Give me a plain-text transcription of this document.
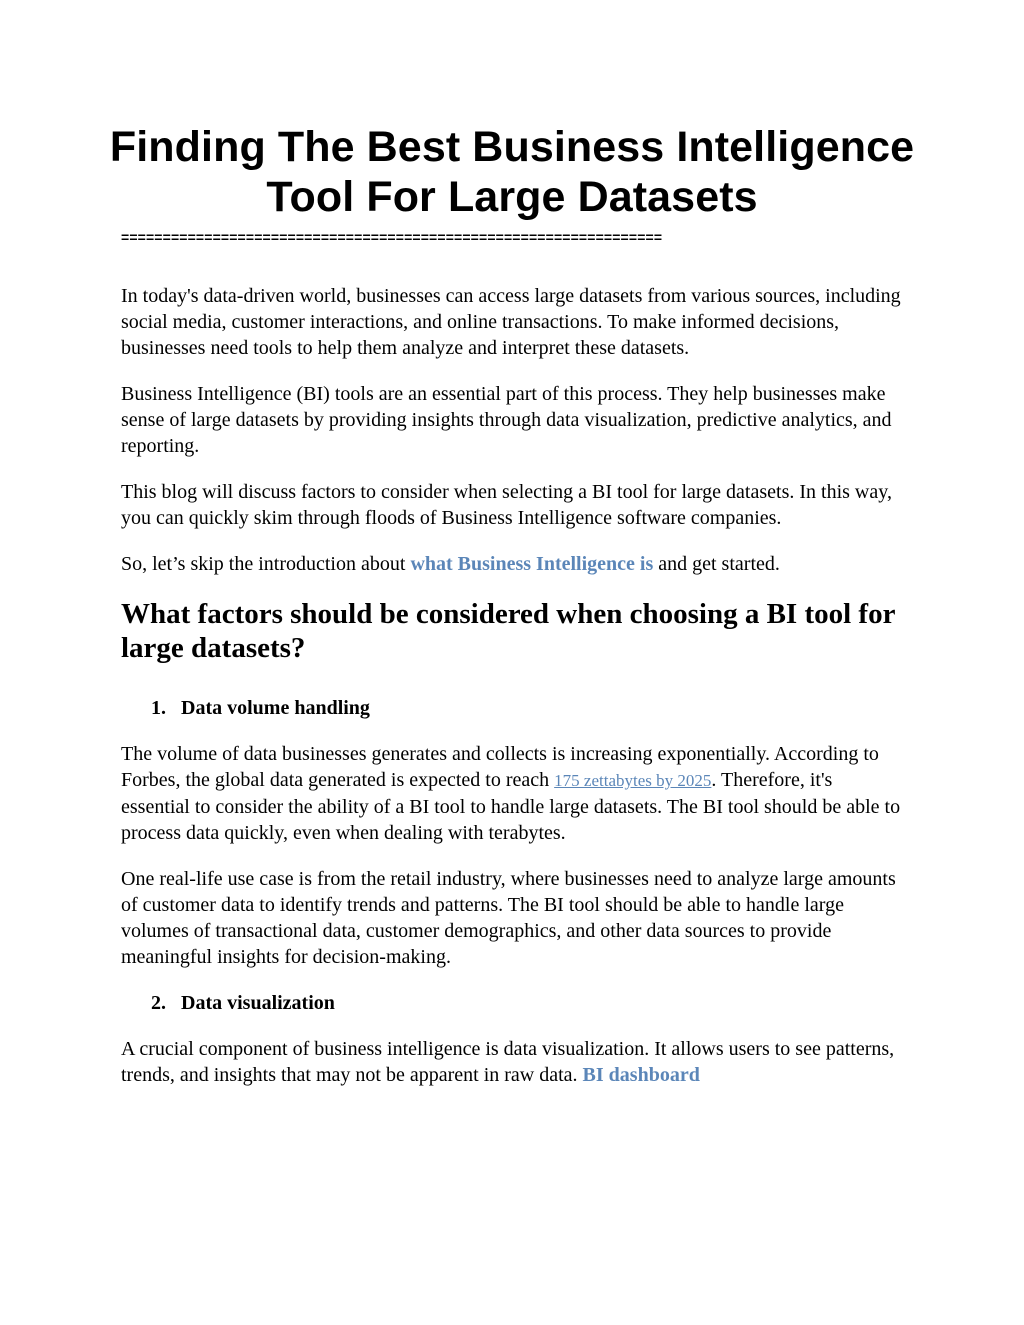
Finding The Best Business Intelligence Tool For Large Datasets
=================================================================

In today's data-driven world, businesses can access large datasets from various sources, including social media, customer interactions, and online transactions. To make informed decisions, businesses need tools to help them analyze and interpret these datasets.

Business Intelligence (BI) tools are an essential part of this process. They help businesses make sense of large datasets by providing insights through data visualization, predictive analytics, and reporting.

This blog will discuss factors to consider when selecting a BI tool for large datasets. In this way, you can quickly skim through floods of Business Intelligence software companies.

So, let’s skip the introduction about what Business Intelligence is and get started.

What factors should be considered when choosing a BI tool for large datasets?
1. Data volume handling

The volume of data businesses generates and collects is increasing exponentially. According to Forbes, the global data generated is expected to reach 175 zettabytes by 2025. Therefore, it's essential to consider the ability of a BI tool to handle large datasets. The BI tool should be able to process data quickly, even when dealing with terabytes.

One real-life use case is from the retail industry, where businesses need to analyze large amounts of customer data to identify trends and patterns. The BI tool should be able to handle large volumes of transactional data, customer demographics, and other data sources to provide meaningful insights for decision-making.

2. Data visualization

A crucial component of business intelligence is data visualization. It allows users to see patterns, trends, and insights that may not be apparent in raw data. BI dashboard
